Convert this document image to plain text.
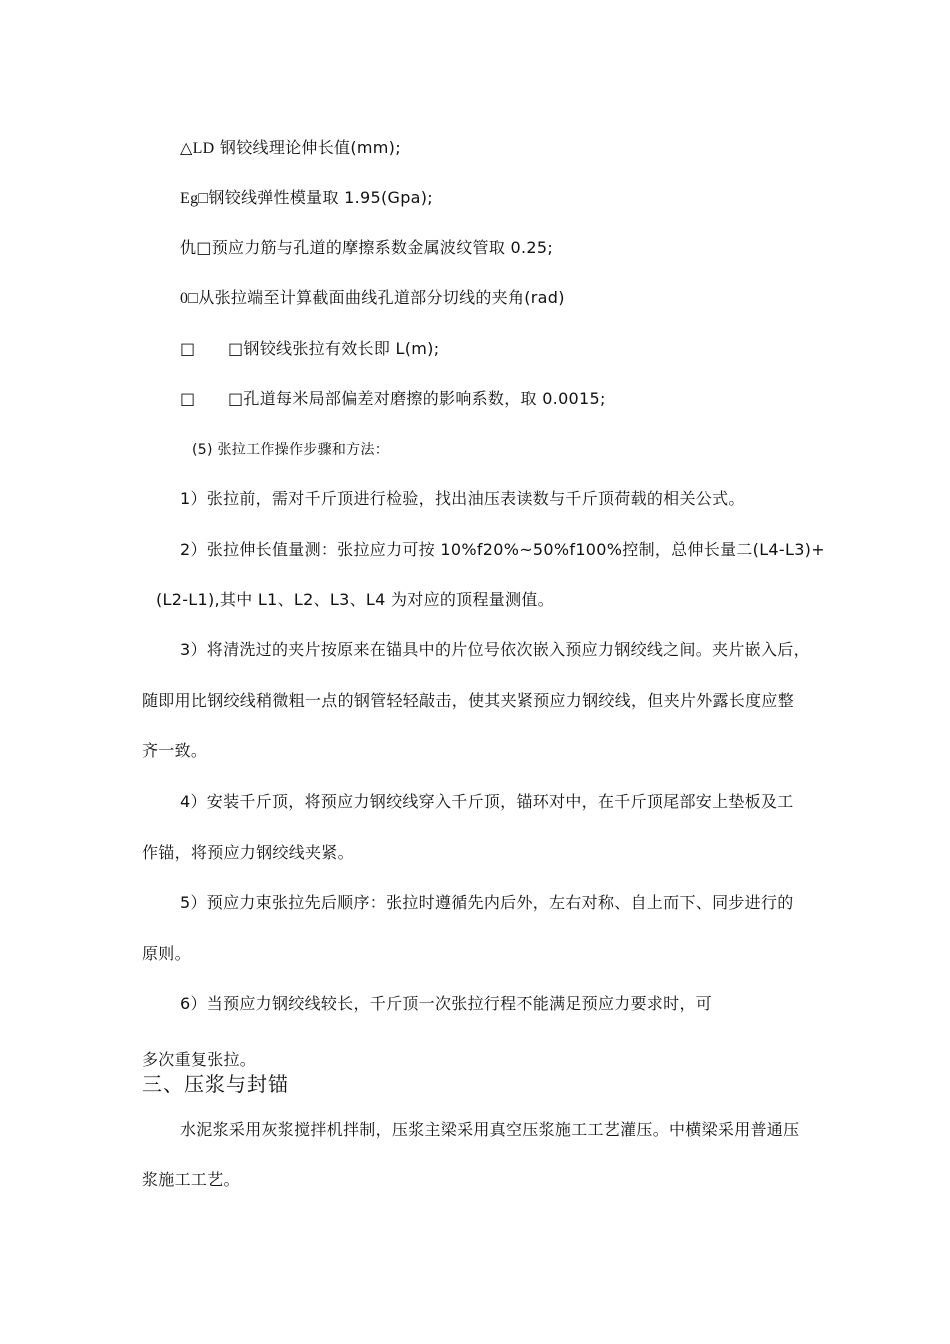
△LD 钢铰线理论伸长值(mm);
Eg□钢铰线弹性模量取 1.95(Gpa);
仇□预应力筋与孔道的摩擦系数金属波纹管取 0.25;
0□从张拉端至计算截面曲线孔道部分切线的夹角(rad)
□ □钢铰线张拉有效长即 L(m);
□ □孔道每米局部偏差对磨擦的影响系数，取 0.0015;
(5) 张拉工作操作步骤和方法：
1）张拉前，需对千斤顶进行检验，找出油压表读数与千斤顶荷载的相关公式。
2）张拉伸长值量测：张拉应力可按 10%f20%~50%f100%控制，总伸长量二(L4-L3)+
(L2-L1),其中 L1、L2、L3、L4 为对应的顶程量测值。
3）将清洗过的夹片按原来在锚具中的片位号依次嵌入预应力钢绞线之间。夹片嵌入后，
随即用比钢绞线稍微粗一点的钢管轻轻敲击，使其夹紧预应力钢绞线，但夹片外露长度应整
齐一致。
4）安装千斤顶，将预应力钢绞线穿入千斤顶，锚环对中，在千斤顶尾部安上垫板及工
作锚，将预应力钢绞线夹紧。
5）预应力束张拉先后顺序：张拉时遵循先内后外，左右对称、自上而下、同步进行的
原则。
6）当预应力钢绞线较长，千斤顶一次张拉行程不能满足预应力要求时，可
多次重复张拉。
三、压浆与封锚
水泥浆采用灰浆搅拌机拌制，压浆主梁采用真空压浆施工工艺灌压。中横梁采用普通压
浆施工工艺。
